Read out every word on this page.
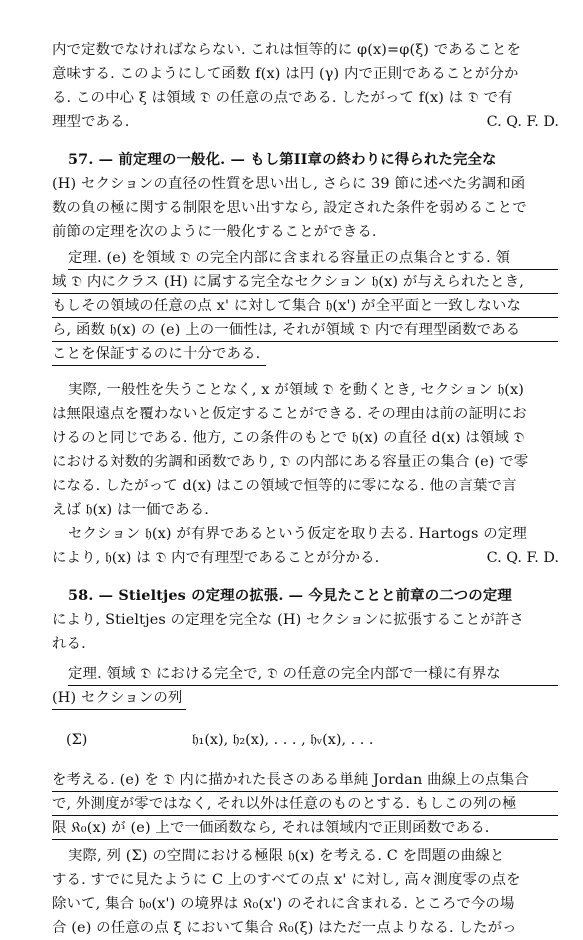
内で定数でなければならない. これは恒等的に φ(x)=φ(ξ) であることを
意味する. このようにして函数 f(x) は円 (γ) 内で正則であることが分か
る. この中心 ξ は領域 𝔇 の任意の点である. したがって f(x) は 𝔇 で有
理型である.	C. Q. F. D.
57. — 前定理の一般化. — もし第II章の終わりに得られた完全な
(H) セクションの直径の性質を思い出し, さらに 39 節に述べた劣調和函
数の負の極に関する制限を思い出すなら, 設定された条件を弱めることで
前節の定理を次のように一般化することができる.
定理. (e) を領域 𝔇 の完全内部に含まれる容量正の点集合とする. 領
域 𝔇 内にクラス (H) に属する完全なセクション 𝔥(x) が与えられたとき,
もしその領域の任意の点 x' に対して集合 𝔥(x') が全平面と一致しないな
ら, 函数 𝔥(x) の (e) 上の一価性は, それが領域 𝔇 内で有理型函数である
ことを保証するのに十分である.
実際, 一般性を失うことなく, x が領域 𝔇 を動くとき, セクション 𝔥(x)
は無限遠点を覆わないと仮定することができる. その理由は前の証明にお
けるのと同じである. 他方, この条件のもとで 𝔥(x) の直径 d(x) は領域 𝔇
における対数的劣調和函数であり, 𝔇 の内部にある容量正の集合 (e) で零
になる. したがって d(x) はこの領域で恒等的に零になる. 他の言葉で言
えば 𝔥(x) は一価である.
セクション 𝔥(x) が有界であるという仮定を取り去る. Hartogs の定理
により, 𝔥(x) は 𝔇 内で有理型であることが分かる.	C. Q. F. D.
58. — Stieltjes の定理の拡張. — 今見たことと前章の二つの定理
により, Stieltjes の定理を完全な (H) セクションに拡張することが許さ
れる.
定理. 領域 𝔇 における完全で, 𝔇 の任意の完全内部で一様に有界な
(H) セクションの列
(Σ)	𝔥₁(x), 𝔥₂(x), . . . , 𝔥ᵥ(x), . . .
を考える. (e) を 𝔇 内に描かれた長さのある単純 Jordan 曲線上の点集合
で, 外測度が零ではなく, それ以外は任意のものとする. もしこの列の極
限 𝔎₀(x) が (e) 上で一価函数なら, それは領域内で正則函数である.
実際, 列 (Σ) の空間における極限 𝔥(x) を考える. C を問題の曲線と
する. すでに見たように C 上のすべての点 x' に対し, 高々測度零の点を
除いて, 集合 𝔥₀(x') の境界は 𝔎₀(x') のそれに含まれる. ところで今の場
合 (e) の任意の点 ξ において集合 𝔎₀(ξ) はただ一点よりなる. したがっ
